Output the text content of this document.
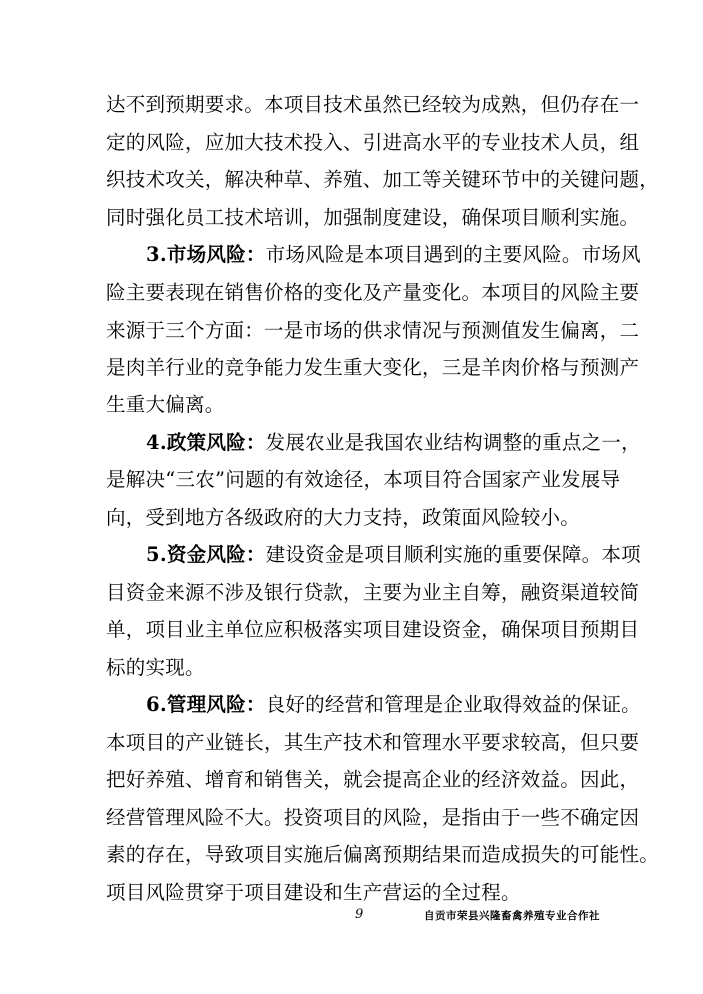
达不到预期要求。本项目技术虽然已经较为成熟，但仍存在一
定的风险，应加大技术投入、引进高水平的专业技术人员，组
织技术攻关，解决种草、养殖、加工等关键环节中的关键问题，
同时强化员工技术培训，加强制度建设，确保项目顺利实施。
3.市场风险：市场风险是本项目遇到的主要风险。市场风
险主要表现在销售价格的变化及产量变化。本项目的风险主要
来源于三个方面：一是市场的供求情况与预测值发生偏离，二
是肉羊行业的竞争能力发生重大变化，三是羊肉价格与预测产
生重大偏离。
4.政策风险：发展农业是我国农业结构调整的重点之一，
是解决“三农”问题的有效途径，本项目符合国家产业发展导
向，受到地方各级政府的大力支持，政策面风险较小。
5.资金风险：建设资金是项目顺利实施的重要保障。本项
目资金来源不涉及银行贷款，主要为业主自筹，融资渠道较简
单，项目业主单位应积极落实项目建设资金，确保项目预期目
标的实现。
6.管理风险：良好的经营和管理是企业取得效益的保证。
本项目的产业链长，其生产技术和管理水平要求较高，但只要
把好养殖、增育和销售关，就会提高企业的经济效益。因此，
经营管理风险不大。投资项目的风险，是指由于一些不确定因
素的存在，导致项目实施后偏离预期结果而造成损失的可能性。
项目风险贯穿于项目建设和生产营运的全过程。
9	自贡市荣县兴隆畜禽养殖专业合作社
